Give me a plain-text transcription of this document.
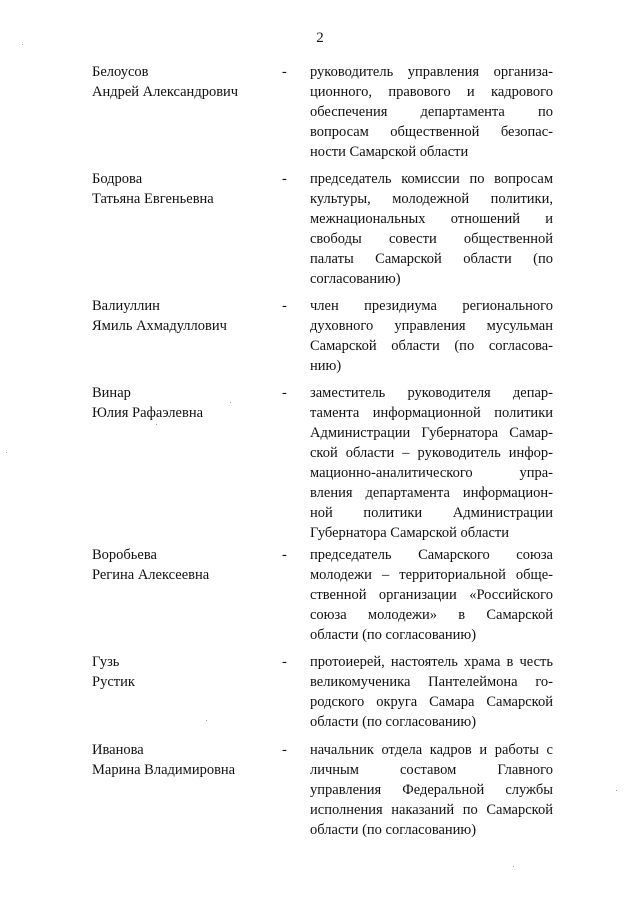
2
Белоусов
Андрей Александрович
- руководитель управления организа-
ционного, правового и кадрового
обеспечения департамента по
вопросам общественной безопас-
ности Самарской области
Бодрова
Татьяна Евгеньевна
- председатель комиссии по вопросам
культуры, молодежной политики,
межнациональных отношений и
свободы совести общественной
палаты Самарской области (по
согласованию)
Валиуллин
Ямиль Ахмадуллович
- член президиума регионального
духовного управления мусульман
Самарской области (по согласова-
нию)
Винар
Юлия Рафаэлевна
- заместитель руководителя депар-
тамента информационной политики
Администрации Губернатора Самар-
ской области – руководитель инфор-
мационно-аналитического упра-
вления департамента информацион-
ной политики Администрации
Губернатора Самарской области
Воробьева
Регина Алексеевна
- председатель Самарского союза
молодежи – территориальной обще-
ственной организации «Российского
союза молодежи» в Самарской
области (по согласованию)
Гузь
Рустик
- протоиерей, настоятель храма в честь
великомученика Пантелеймона го-
родского округа Самара Самарской
области (по согласованию)
Иванова
Марина Владимировна
- начальник отдела кадров и работы с
личным составом Главного
управления Федеральной службы
исполнения наказаний по Самарской
области (по согласованию)
